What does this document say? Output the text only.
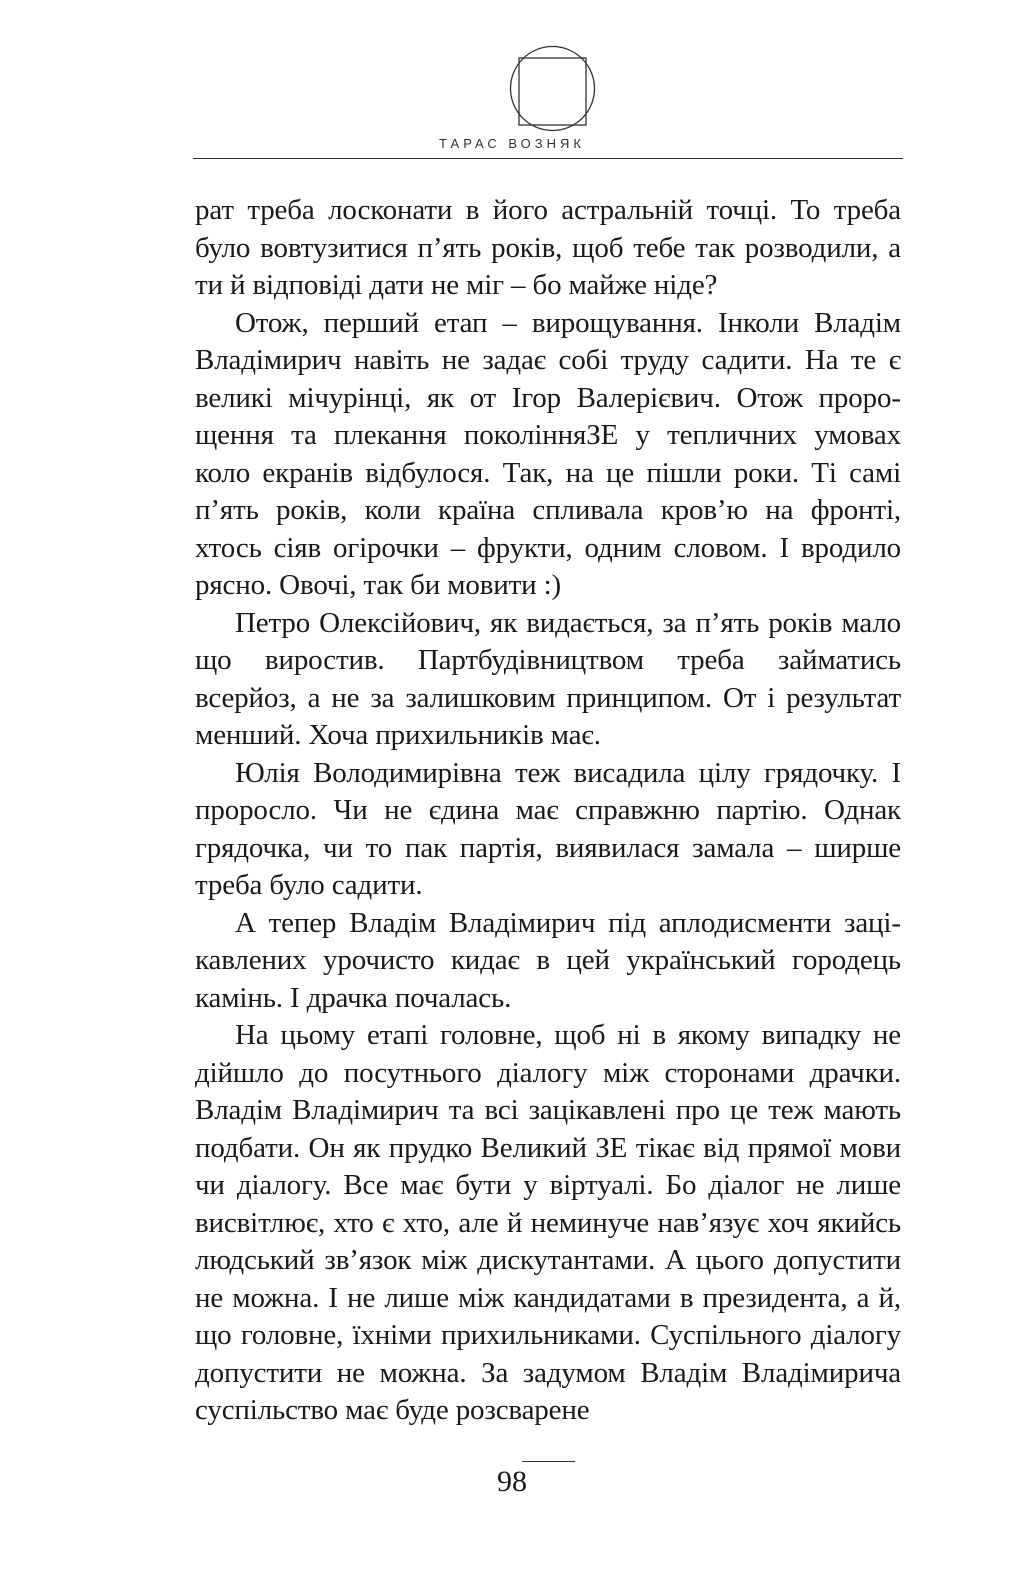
ТАРАС ВОЗНЯК

рат треба лосконати в його астральній точці. То треба було вовтузитися п’ять років, щоб тебе так розводили, а ти й відповіді дати не міг – бо майже ніде?

Отож, перший етап – вирощування. Інколи Владім Владімирич навіть не задає собі труду садити. На те є великі мічурінці, як от Ігор Валерієвич. Отож пророщення та плекання поколінняЗЕ у тепличних умовах коло екранів відбулося. Так, на це пішли роки. Ті самі п’ять років, коли країна спливала кров’ю на фронті, хтось сіяв огірочки – фрукти, одним словом. І вродило рясно. Овочі, так би мовити :)

Петро Олексійович, як видається, за п’ять років мало що виростив. Партбудівництвом треба займатись всерйоз, а не за залишковим принципом. От і результат менший. Хоча прихильників має.

Юлія Володимирівна теж висадила цілу грядочку. І проросло. Чи не єдина має справжню партію. Однак грядочка, чи то пак партія, виявилася замала – ширше треба було садити.

А тепер Владім Владімирич під аплодисменти зацікавлених урочисто кидає в цей український городець камінь. І драчка почалась.

На цьому етапі головне, щоб ні в якому випадку не дійшло до посутнього діалогу між сторонами драчки. Владім Владімирич та всі зацікавлені про це теж мають подбати. Он як прудко Великий ЗЕ тікає від прямої мови чи діалогу. Все має бути у віртуалі. Бо діалог не лише висвітлює, хто є хто, але й неминуче нав’язує хоч якийсь людський зв’язок між дискутантами. А цього допустити не можна. І не лише між кандидатами в президента, а й, що головне, їхніми прихильниками. Суспільного діалогу допустити не можна. За задумом Владім Владімирича суспільство має буде розсварене

98
